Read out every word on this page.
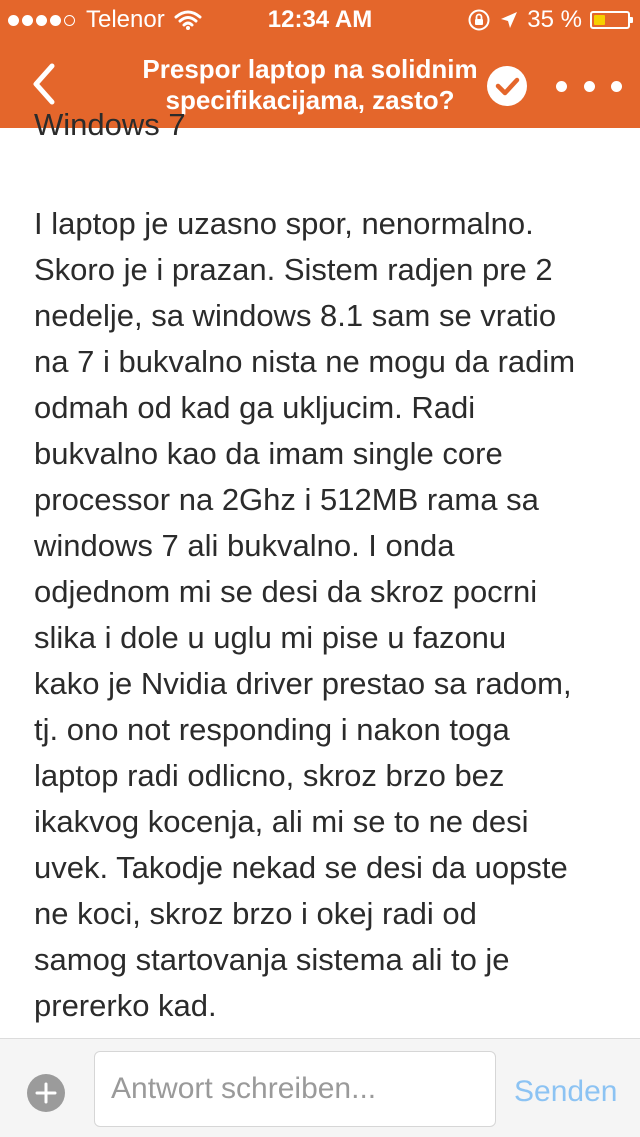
Telenor	12:34 AM	35 %
Prespor laptop na solidnim
specifikacijama, zasto?
Windows 7
I laptop je uzasno spor, nenormalno.
Skoro je i prazan. Sistem radjen pre 2
nedelje, sa windows 8.1 sam se vratio
na 7 i bukvalno nista ne mogu da radim
odmah od kad ga ukljucim. Radi
bukvalno kao da imam single core
processor na 2Ghz i 512MB rama sa
windows 7 ali bukvalno. I onda
odjednom mi se desi da skroz pocrni
slika i dole u uglu mi pise u fazonu
kako je Nvidia driver prestao sa radom,
tj. ono not responding i nakon toga
laptop radi odlicno, skroz brzo bez
ikakvog kocenja, ali mi se to ne desi
uvek. Takodje nekad se desi da uopste
ne koci, skroz brzo i okej radi od
samog startovanja sistema ali to je
prererko kad.
Antwort schreiben...
Senden
